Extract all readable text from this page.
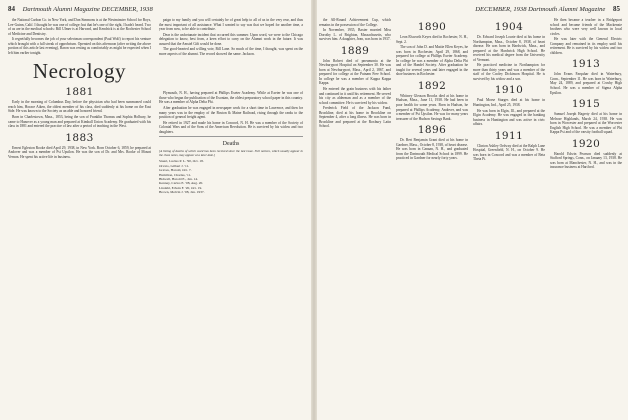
84 Dartmouth Alumni Magazine DECEMBER, 1938

the National Carbon Co. in New York, and Don Simmons is at the Westminster School for Boys, Lee-Guinn, Calif. I thought he was one of college; but that he's one of the right, I hadn't heard. Two of us are in the medical schools: Bill Ulmer is at Harvard, and Kendrick is at the Rochester School of Medicine and Dentistry.

It regretfully becomes the job of your selectman correspondent (Paul Wolf) to report his venture which brought with a full streak of opprobrium. Operated on this afternoon (after writing the above portion of this article last evening), Baron was resting as comfortably as might be expected when I left him earlier tonight.

Necrology
1881

Early in the morning of Columbus Day, before the physician who had been summoned could reach him, Horace Aiken, the oldest member of his class, died suddenly at his home on the East Side. He was known to the Society as an able and honored friend.

Born in Charlestown, Mass., 1853, being the son of Franklin Thomas and Sophia Holbury, he came to Hanover as a young man and prepared at Kimball Union Academy. He graduated with his class in 1881 and entered the practice of law after a period of teaching in the West.

1883

Ernest Egleston Rooke died April 29, 1938, in New York. Born October 6, 1859, he prepared at Andover and was a member of Psi Upsilon. He was the son of Dr. and Mrs. Rooke of Mount Vernon. He spent his active life in business.

paign to my family and you will certainly be of great help to all of us in the very rear, and thus the most important of all assistance. What I wanted to say was that we hoped for another time, a year from now, to be able to contribute.

Dear is the unfortunate incident that occurred this summer. Upon word, we were to the Chicago delegation to know, best from, a keen effort to carry on the Alumni work in the future. It was assured that the Amstel Gift would be done.

The good-hearted and willing vote, Bill Lane. So much of the time, I thought, was spent on the more aspects of the alumni. The record showed the same. Jackson.

Plymouth, N. H., having prepared at Phillips Exeter Academy. While at Exeter he was one of those who began the publication of the Exonian, the oldest preparatory school paper in this country. He was a member of Alpha Delta Phi.

After graduation he was engaged in newspaper work for a short time in Lawrence, and then for many years was in the employ of the Boston & Maine Railroad, rising through the ranks to the position of general freight agent.

He retired in 1927 and made his home in Concord, N. H. He was a member of the Society of Colonial Wars and of the Sons of the American Revolution. He is survived by his widow and two daughters.

Deaths
[A listing of deaths of which word has been received since the last issue. Full notices, which usually appear in the class notes, may appear at a later date.]
Stuart, Lucius P. L. '90, Oct. 18.
Orvato, Gilbert J. '11.
Graves, Harold, Oct. 7.
Hamilton, Charles, '11.
Bidwell, Harold E., Jan. 14.
Kenney, Carlos E. '08, Aug. 20.
Lindahl, Edwin F. '20, Oct. 19.
Brown, Melvin J. '08, Jan. 1937.
DECEMBER, 1938 Dartmouth Alumni Magazine 85

the All-Round Achievement Cup, which remains in the possession of the College.

In November, 1935, Baxter married Miss Dorothy L. of Brighton, Massachusetts, who survives him. A daughter, Jean, was born in 1937.

1889

John Robert died of pneumonia at the Newburyport Hospital on September 30. He was born at Newburyport, Mass., April 2, 1867, and prepared for college at the Putnam Free School. In college he was a member of Kappa Kappa Kappa.

He entered the grain business with his father and continued in it until his retirement. He served his city as alderman and as a member of the school committee. He is survived by his widow.

Frederick Field of the Jackson Fund, Brookline, died at his home in Brookline on September 4, after a long illness. He was born in Brookline and prepared at the Roxbury Latin School.

1890

Leon Elsworth Keyes died in Rochester, N. H., Sept. 2.

The son of John D. and Mattie Ellen Keyes, he was born in Rochester, April 29, 1868, and prepared for college at Phillips Exeter Academy. In college he was a member of Alpha Delta Phi and of the Handel Society. After graduation he taught for several years and later engaged in the shoe business in Rochester.

1892

Whitney Gleason Brooks died at his home in Hudson, Mass., June 11, 1938. He had been in poor health for some years. Born in Hudson, he prepared at Phillips Academy, Andover, and was a member of Psi Upsilon. He was for many years treasurer of the Hudson Savings Bank.

1896

Dr. Bert Benjamin Grant died at his home in Gardner, Mass., October 8, 1938, of heart disease. He was born in Canaan, N. H., and graduated from the Dartmouth Medical School in 1899. He practiced in Gardner for nearly forty years.

1904

Dr. Edward Joseph Lourie died at his home in Northampton, Mass., October 8, 1938, of heart disease. He was born in Hardwick, Mass., and prepared at the Hardwick High School. He received his medical degree from the University of Vermont.

He practiced medicine in Northampton for more than thirty years and was a member of the staff of the Cooley Dickinson Hospital. He is survived by his widow and a son.

1910

Paul Morse Sturges died at his home in Huntington, Ind., April 25, 1938.

He was born in Elgin, Ill., and prepared at the Elgin Academy. He was engaged in the banking business in Huntington and was active in civic affairs.

1911

Clinton Ashley Ordway died at the Ralph Lane Hospital, Greenfield, N. H., on October 9. He was born in Concord and was a member of Beta Theta Pi.

He then became a teacher in a Bridgeport school and became friends of the Mackenzie brothers who were very well known in local circles.

He was later with the General Electric Company and remained in its employ until his retirement. He is survived by his widow and two children.

1913

John Evans Farquhar died in Waterbury, Conn., September 11. He was born in Waterbury, May 24, 1889, and prepared at Crosby High School. He was a member of Sigma Alpha Epsilon.

1915

Samuel Joseph Hagerty died at his home in Melrose Highlands, March 24, 1938. He was born in Worcester and prepared at the Worcester English High School. He was a member of Phi Kappa Psi and of the varsity football squad.

1920

Harold Edwin Pearson died suddenly at Stafford Springs, Conn., on January 13, 1938. He was born at Manchester, N. H., and was in the insurance business at Hartford.
